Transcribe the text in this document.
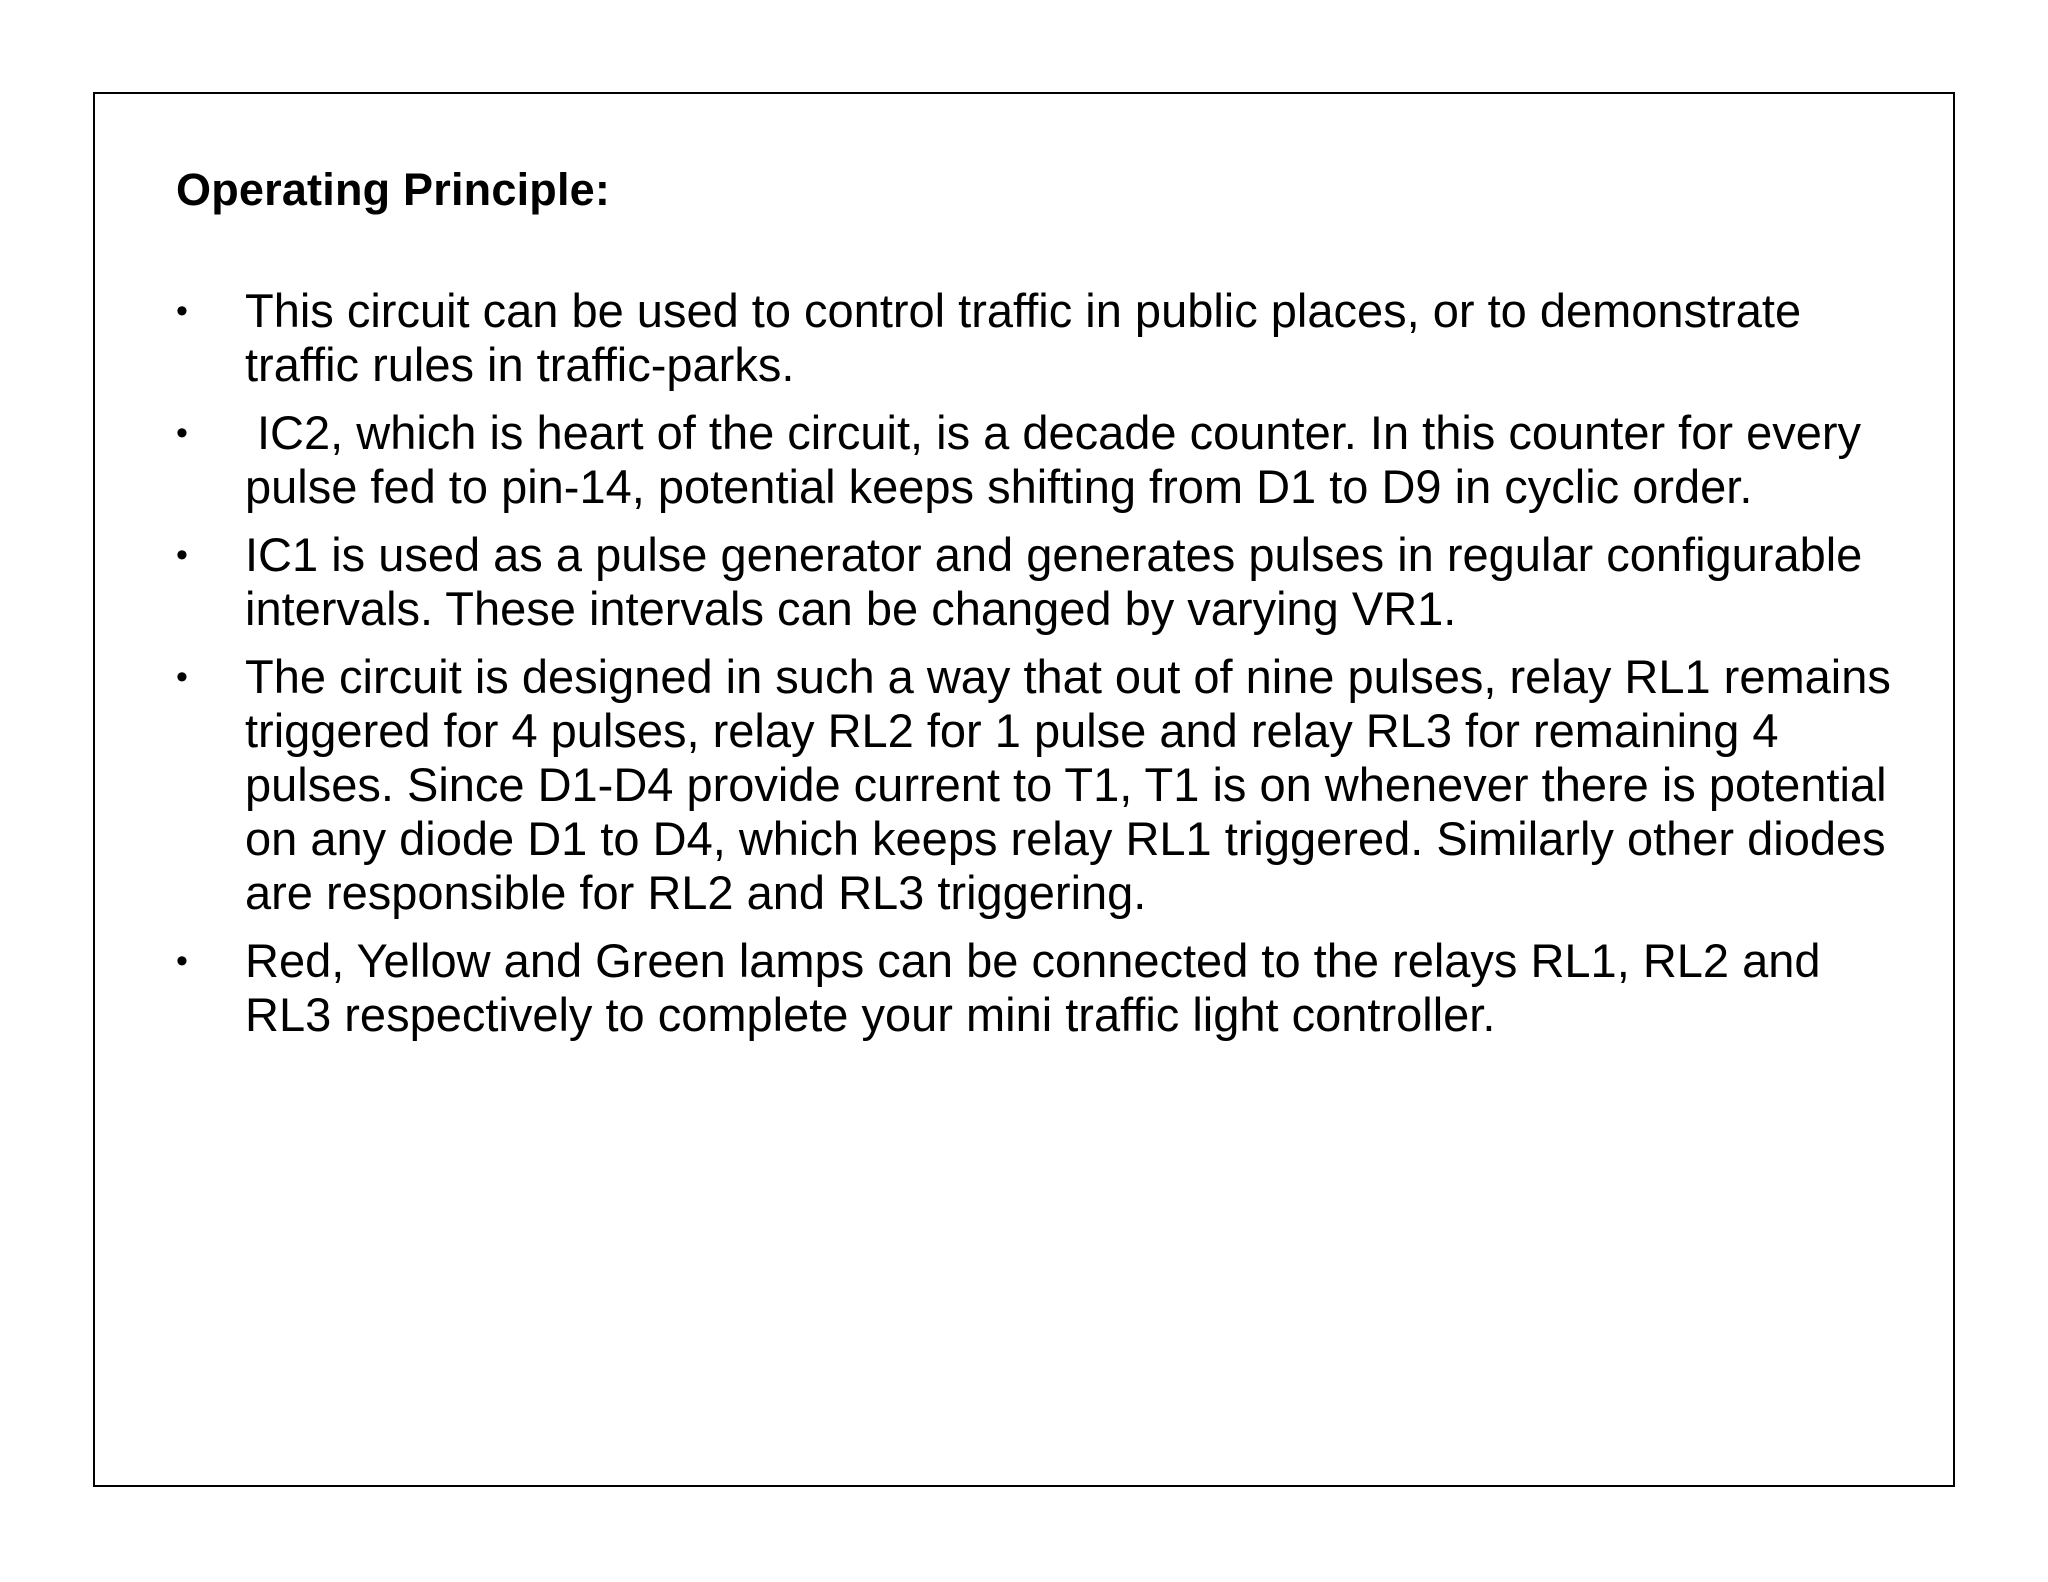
Operating Principle:
• This circuit can be used to control traffic in public places, or to demonstrate traffic rules in traffic-parks.
• IC2, which is heart of the circuit, is a decade counter. In this counter for every pulse fed to pin-14, potential keeps shifting from D1 to D9 in cyclic order.
• IC1 is used as a pulse generator and generates pulses in regular configurable intervals. These intervals can be changed by varying VR1.
• The circuit is designed in such a way that out of nine pulses, relay RL1 remains triggered for 4 pulses, relay RL2 for 1 pulse and relay RL3 for remaining 4 pulses. Since D1-D4 provide current to T1, T1 is on whenever there is potential on any diode D1 to D4, which keeps relay RL1 triggered. Similarly other diodes are responsible for RL2 and RL3 triggering.
• Red, Yellow and Green lamps can be connected to the relays RL1, RL2 and RL3 respectively to complete your mini traffic light controller.
